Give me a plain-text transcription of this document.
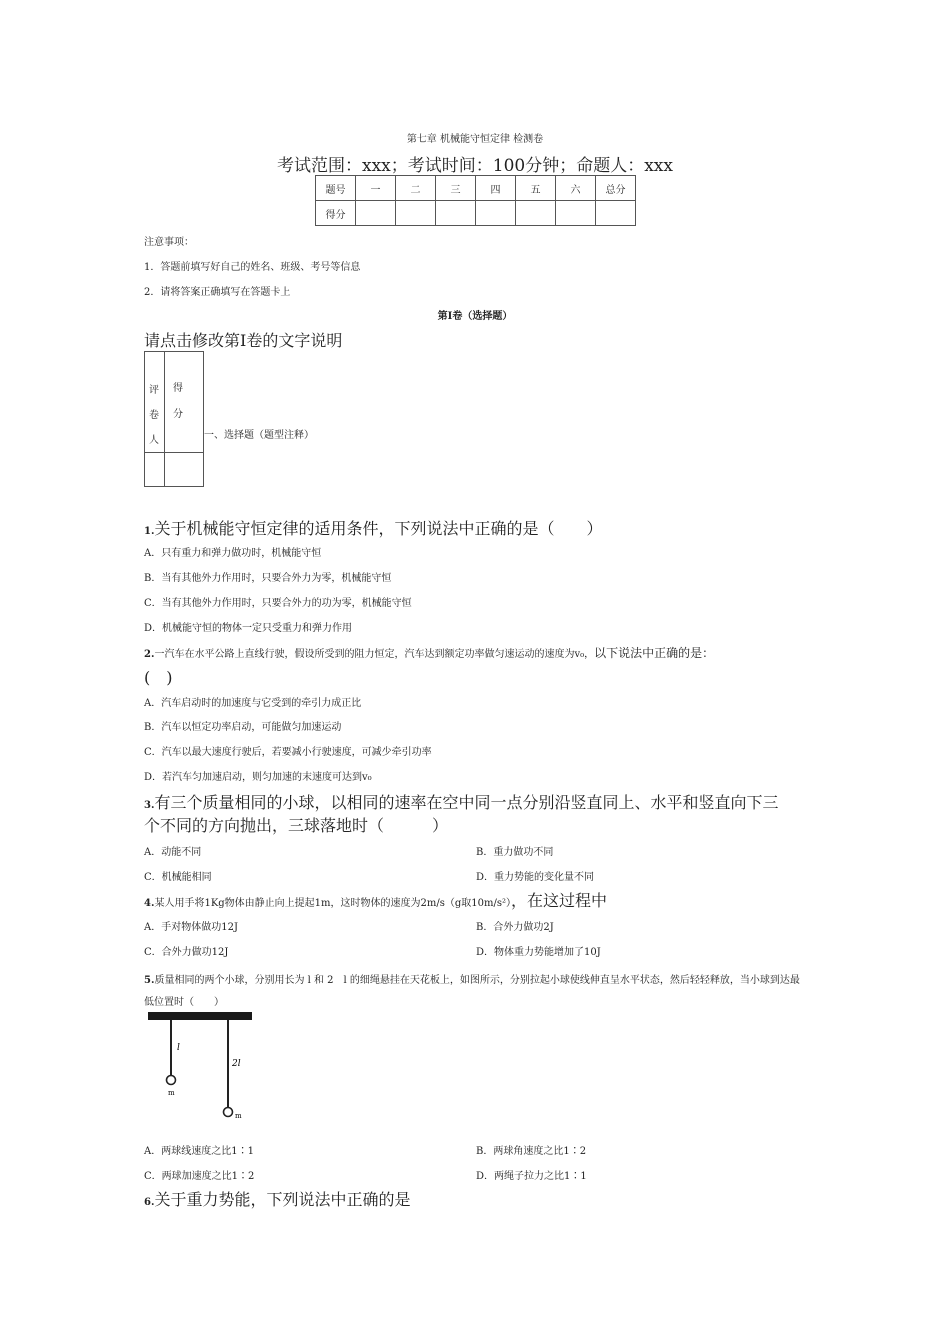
第七章 机械能守恒定律 检测卷
考试范围：xxx；考试时间：100分钟；命题人：xxx
题号	一	二	三	四	五	六	总分
得分							
注意事项：
1．答题前填写好自己的姓名、班级、考号等信息
2．请将答案正确填写在答题卡上
第I卷（选择题）
请点击修改第I卷的文字说明
评
卷
人
得
分
一、选择题（题型注释）
1.关于机械能守恒定律的适用条件，下列说法中正确的是（　　）
A．只有重力和弹力做功时，机械能守恒
B．当有其他外力作用时，只要合外力为零，机械能守恒
C．当有其他外力作用时，只要合外力的功为零，机械能守恒
D．机械能守恒的物体一定只受重力和弹力作用
2.一汽车在水平公路上直线行驶，假设所受到的阻力恒定，汽车达到额定功率做匀速运动的速度为v₀，以下说法中正确的是：
(　)
A．汽车启动时的加速度与它受到的牵引力成正比
B．汽车以恒定功率启动，可能做匀加速运动
C．汽车以最大速度行驶后，若要减小行驶速度，可减少牵引功率
D．若汽车匀加速启动，则匀加速的末速度可达到v₀
3.有三个质量相同的小球，以相同的速率在空中同一点分别沿竖直同上、水平和竖直向下三
个不同的方向抛出，三球落地时（　　　）
A．动能不同	B．重力做功不同
C．机械能相同	D．重力势能的变化量不同
4.某人用手将1Kg物体由静止向上提起1m，这时物体的速度为2m/s（g取10m/s²），在这过程中
A．手对物体做功12J	B．合外力做功2J
C．合外力做功12J	D．物体重力势能增加了10J
5.质量相同的两个小球，分别用长为 l 和 2　l 的细绳悬挂在天花板上，如图所示，分别拉起小球使线伸直呈水平状态，然后轻轻释放，当小球到达最
低位置时（　　）
l
m
2l
m
A．两球线速度之比1∶1	B．两球角速度之比1∶2
C．两球加速度之比1∶2	D．两绳子拉力之比1∶1
6.关于重力势能，下列说法中正确的是
